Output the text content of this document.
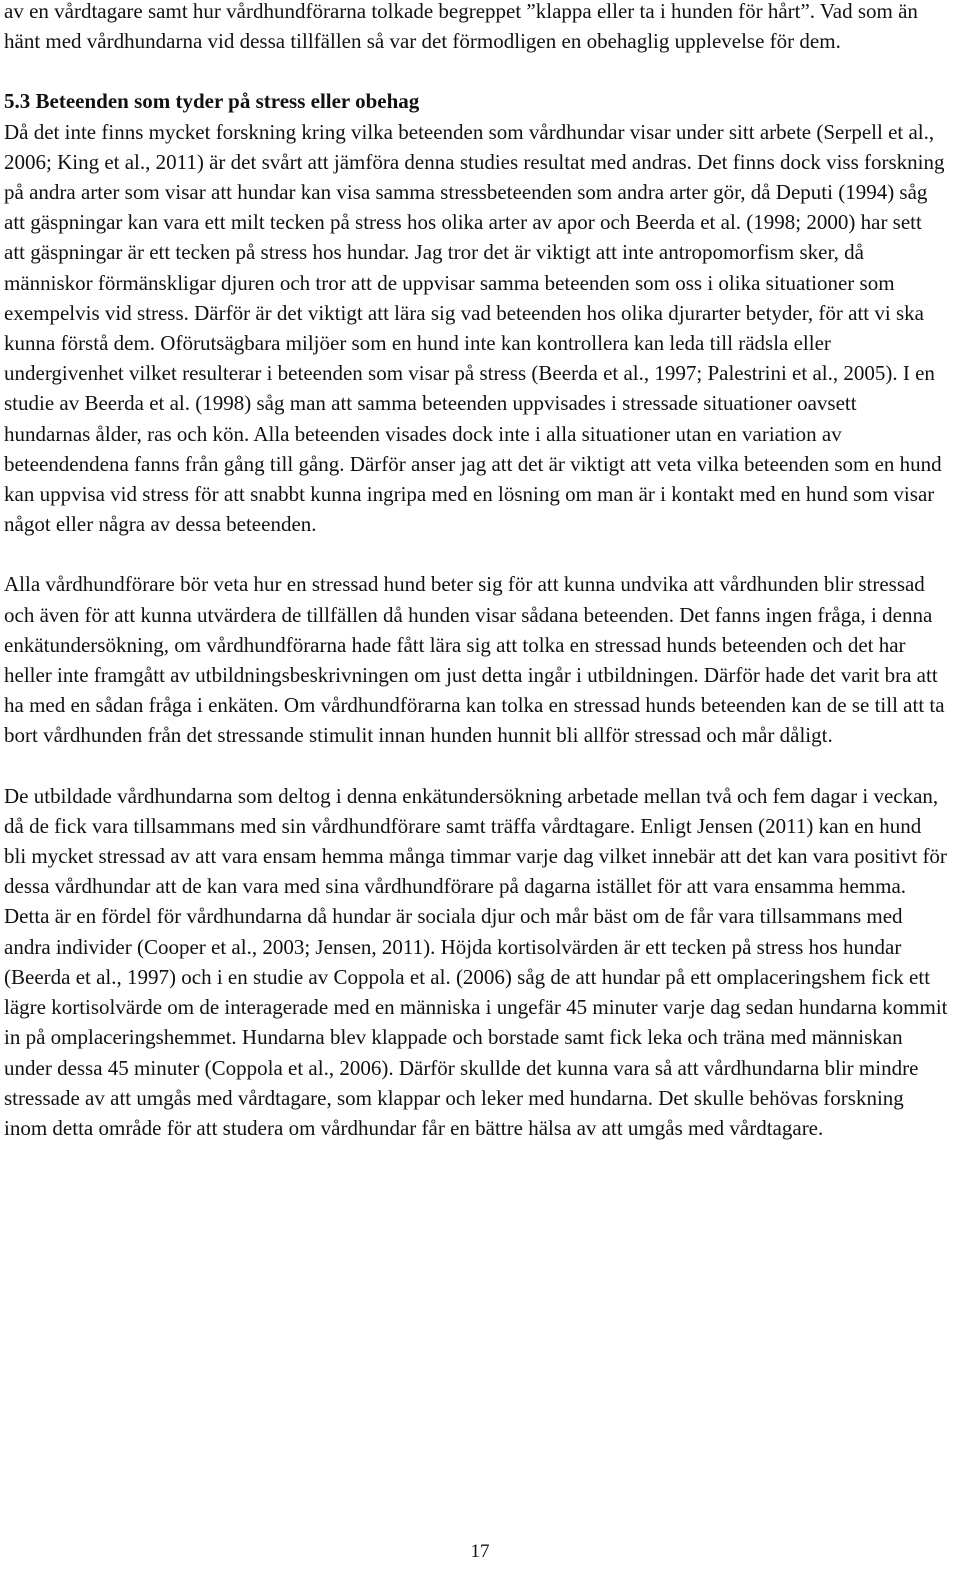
av en vårdtagare samt hur vårdhundförarna tolkade begreppet ”klappa eller ta i hunden för hårt”. Vad som än hänt med vårdhundarna vid dessa tillfällen så var det förmodligen en obehaglig upplevelse för dem.

5.3 Beteenden som tyder på stress eller obehag

Då det inte finns mycket forskning kring vilka beteenden som vårdhundar visar under sitt arbete (Serpell et al., 2006; King et al., 2011) är det svårt att jämföra denna studies resultat med andras. Det finns dock viss forskning på andra arter som visar att hundar kan visa samma stressbeteenden som andra arter gör, då Deputi (1994) såg att gäspningar kan vara ett milt tecken på stress hos olika arter av apor och Beerda et al. (1998; 2000) har sett att gäspningar är ett tecken på stress hos hundar. Jag tror det är viktigt att inte antropomorfism sker, då människor förmänskligar djuren och tror att de uppvisar samma beteenden som oss i olika situationer som exempelvis vid stress. Därför är det viktigt att lära sig vad beteenden hos olika djurarter betyder, för att vi ska kunna förstå dem. Oförutsägbara miljöer som en hund inte kan kontrollera kan leda till rädsla eller undergivenhet vilket resulterar i beteenden som visar på stress (Beerda et al., 1997; Palestrini et al., 2005). I en studie av Beerda et al. (1998) såg man att samma beteenden uppvisades i stressade situationer oavsett hundarnas ålder, ras och kön. Alla beteenden visades dock inte i alla situationer utan en variation av beteendendena fanns från gång till gång. Därför anser jag att det är viktigt att veta vilka beteenden som en hund kan uppvisa vid stress för att snabbt kunna ingripa med en lösning om man är i kontakt med en hund som visar något eller några av dessa beteenden.

Alla vårdhundförare bör veta hur en stressad hund beter sig för att kunna undvika att vårdhunden blir stressad och även för att kunna utvärdera de tillfällen då hunden visar sådana beteenden. Det fanns ingen fråga, i denna enkätundersökning, om vårdhundförarna hade fått lära sig att tolka en stressad hunds beteenden och det har heller inte framgått av utbildningsbeskrivningen om just detta ingår i utbildningen. Därför hade det varit bra att ha med en sådan fråga i enkäten. Om vårdhundförarna kan tolka en stressad hunds beteenden kan de se till att ta bort vårdhunden från det stressande stimulit innan hunden hunnit bli allför stressad och mår dåligt.

De utbildade vårdhundarna som deltog i denna enkätundersökning arbetade mellan två och fem dagar i veckan, då de fick vara tillsammans med sin vårdhundförare samt träffa vårdtagare. Enligt Jensen (2011) kan en hund bli mycket stressad av att vara ensam hemma många timmar varje dag vilket innebär att det kan vara positivt för dessa vårdhundar att de kan vara med sina vårdhundförare på dagarna istället för att vara ensamma hemma. Detta är en fördel för vårdhundarna då hundar är sociala djur och mår bäst om de får vara tillsammans med andra individer (Cooper et al., 2003; Jensen, 2011). Höjda kortisolvärden är ett tecken på stress hos hundar (Beerda et al., 1997) och i en studie av Coppola et al. (2006) såg de att hundar på ett omplaceringshem fick ett lägre kortisolvärde om de interagerade med en människa i ungefär 45 minuter varje dag sedan hundarna kommit in på omplaceringshemmet. Hundarna blev klappade och borstade samt fick leka och träna med människan under dessa 45 minuter (Coppola et al., 2006). Därför skullde det kunna vara så att vårdhundarna blir mindre stressade av att umgås med vårdtagare, som klappar och leker med hundarna. Det skulle behövas forskning inom detta område för att studera om vårdhundar får en bättre hälsa av att umgås med vårdtagare.

17
